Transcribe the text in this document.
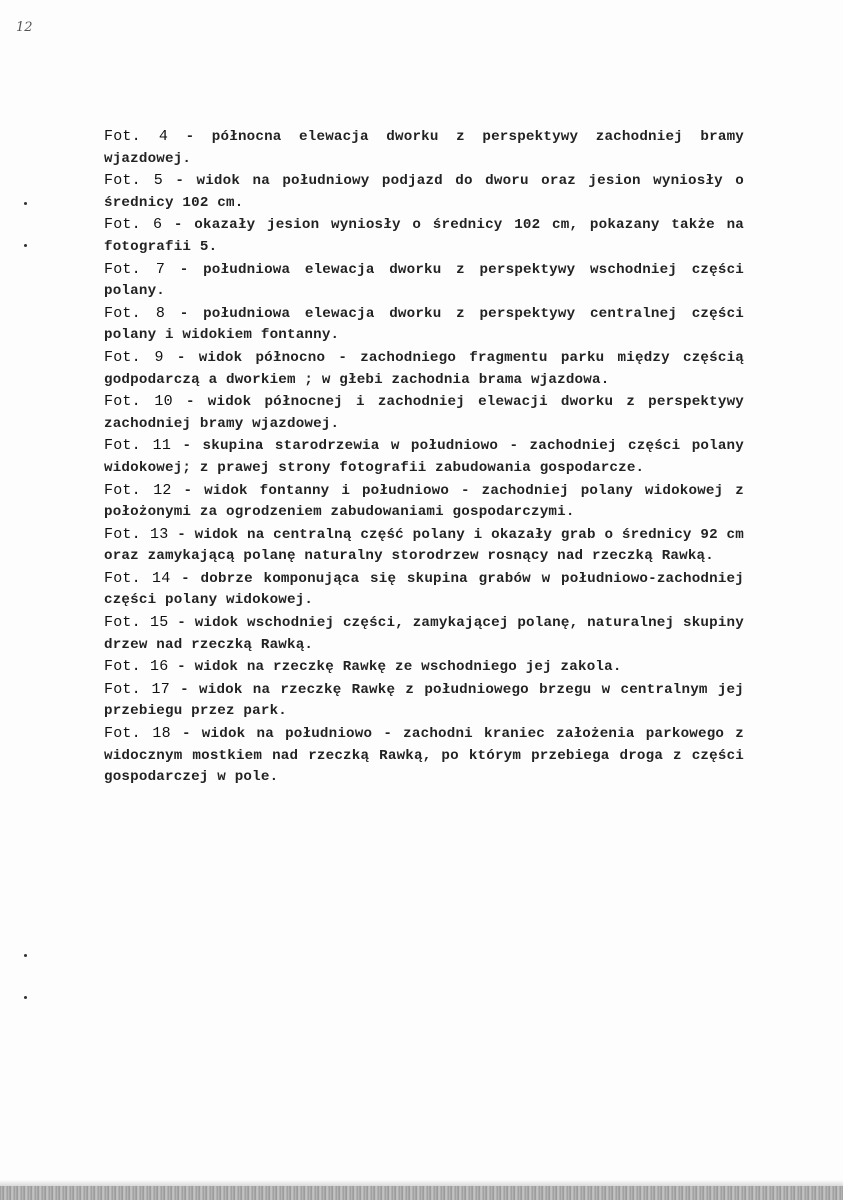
12
Fot. 4 - północna elewacja dworku z perspektywy zachodniej bramy wjazdowej.
Fot. 5 - widok na południowy podjazd do dworu oraz jesion wyniosły o średnicy 102 cm.
Fot. 6 - okazały jesion wyniosły o średnicy 102 cm, pokazany także na fotografii 5.
Fot. 7 - południowa elewacja dworku z perspektywy wschodniej części polany.
Fot. 8 - południowa elewacja dworku z perspektywy centralnej części polany i widokiem fontanny.
Fot. 9 - widok północno - zachodniego fragmentu parku między częścią godpodarczą a dworkiem ; w głebi zachodnia brama wjazdowa.
Fot. 10 - widok północnej i zachodniej elewacji dworku z perspektywy zachodniej bramy wjazdowej.
Fot. 11 - skupina starodrzewia w południowo - zachodniej części polany widokowej; z prawej strony fotografii zabudowania gospodarcze.
Fot. 12 - widok fontanny i południowo - zachodniej polany widokowej z położonymi za ogrodzeniem zabudowaniami gospodarczymi.
Fot. 13 - widok na centralną część polany i okazały grab o średnicy 92 cm oraz zamykającą polanę naturalny storodrzew rosnący nad rzeczką Rawką.
Fot. 14 - dobrze komponująca się skupina grabów w południowo-zachodniej części polany widokowej.
Fot. 15 - widok wschodniej części, zamykającej polanę, naturalnej skupiny drzew nad rzeczką Rawką.
Fot. 16 - widok na rzeczkę Rawkę ze wschodniego jej zakola.
Fot. 17 - widok na rzeczkę Rawkę z południowego brzegu w centralnym jej przebiegu przez park.
Fot. 18 - widok na południowo - zachodni kraniec założenia parkowego z widocznym mostkiem nad rzeczką Rawką, po którym przebiega droga z części gospodarczej w pole.
